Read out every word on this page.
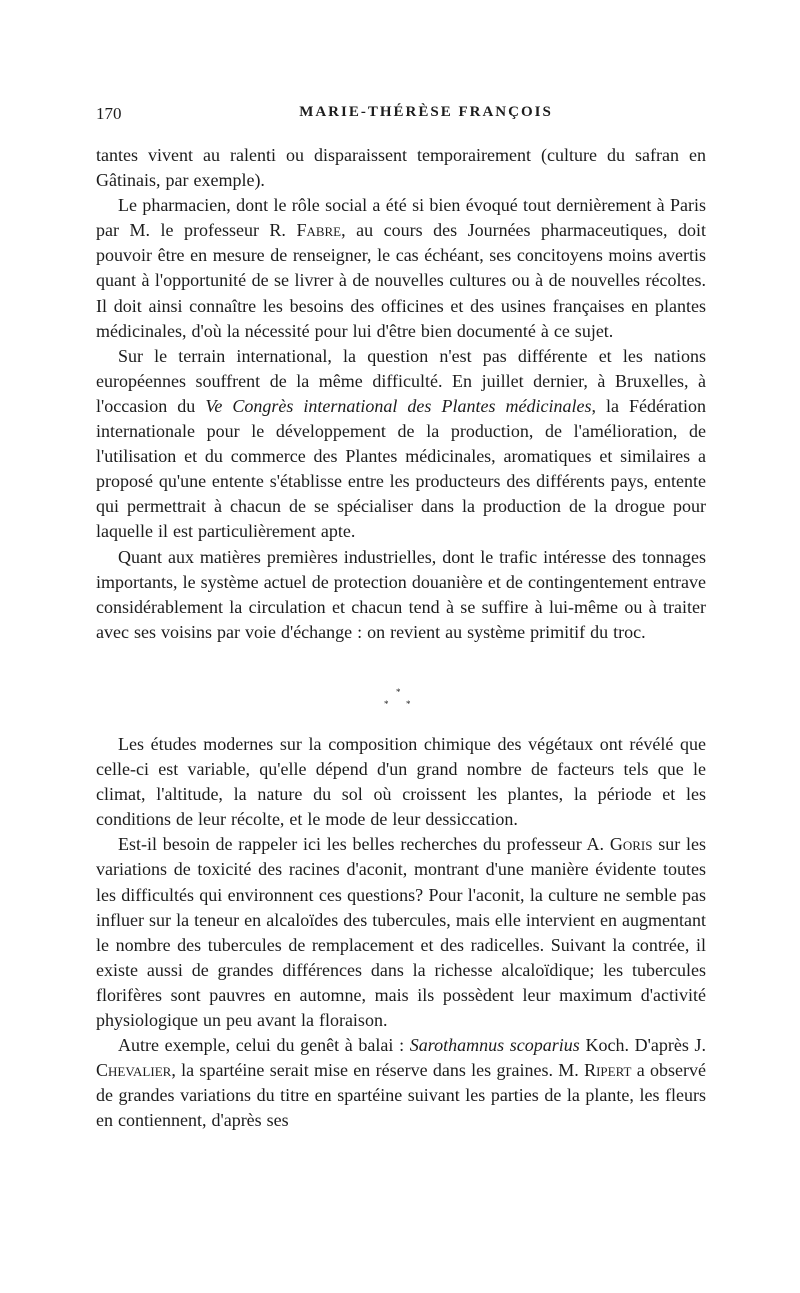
170	MARIE-THÉRÈSE FRANÇOIS

tantes vivent au ralenti ou disparaissent temporairement (culture du safran en Gâtinais, par exemple).

Le pharmacien, dont le rôle social a été si bien évoqué tout dernièrement à Paris par M. le professeur R. Fabre, au cours des Journées pharmaceutiques, doit pouvoir être en mesure de renseigner, le cas échéant, ses concitoyens moins avertis quant à l'opportunité de se livrer à de nouvelles cultures ou à de nouvelles récoltes. Il doit ainsi connaître les besoins des officines et des usines françaises en plantes médicinales, d'où la nécessité pour lui d'être bien documenté à ce sujet.

Sur le terrain international, la question n'est pas différente et les nations européennes souffrent de la même difficulté. En juillet dernier, à Bruxelles, à l'occasion du Ve Congrès international des Plantes médicinales, la Fédération internationale pour le développement de la production, de l'amélioration, de l'utilisation et du commerce des Plantes médicinales, aromatiques et similaires a proposé qu'une entente s'établisse entre les producteurs des différents pays, entente qui permettrait à chacun de se spécialiser dans la production de la drogue pour laquelle il est particulièrement apte.

Quant aux matières premières industrielles, dont le trafic intéresse des tonnages importants, le système actuel de protection douanière et de contingentement entrave considérablement la circulation et chacun tend à se suffire à lui-même ou à traiter avec ses voisins par voie d'échange : on revient au système primitif du troc.

*
* *

Les études modernes sur la composition chimique des végétaux ont révélé que celle-ci est variable, qu'elle dépend d'un grand nombre de facteurs tels que le climat, l'altitude, la nature du sol où croissent les plantes, la période et les conditions de leur récolte, et le mode de leur dessiccation.

Est-il besoin de rappeler ici les belles recherches du professeur A. Goris sur les variations de toxicité des racines d'aconit, montrant d'une manière évidente toutes les difficultés qui environnent ces questions? Pour l'aconit, la culture ne semble pas influer sur la teneur en alcaloïdes des tubercules, mais elle intervient en augmentant le nombre des tubercules de remplacement et des radicelles. Suivant la contrée, il existe aussi de grandes différences dans la richesse alcaloïdique; les tubercules florifères sont pauvres en automne, mais ils possèdent leur maximum d'activité physiologique un peu avant la floraison.

Autre exemple, celui du genêt à balai : Sarothamnus scoparius Koch. D'après J. Chevalier, la spartéine serait mise en réserve dans les graines. M. Ripert a observé de grandes variations du titre en spartéine suivant les parties de la plante, les fleurs en contiennent, d'après ses
